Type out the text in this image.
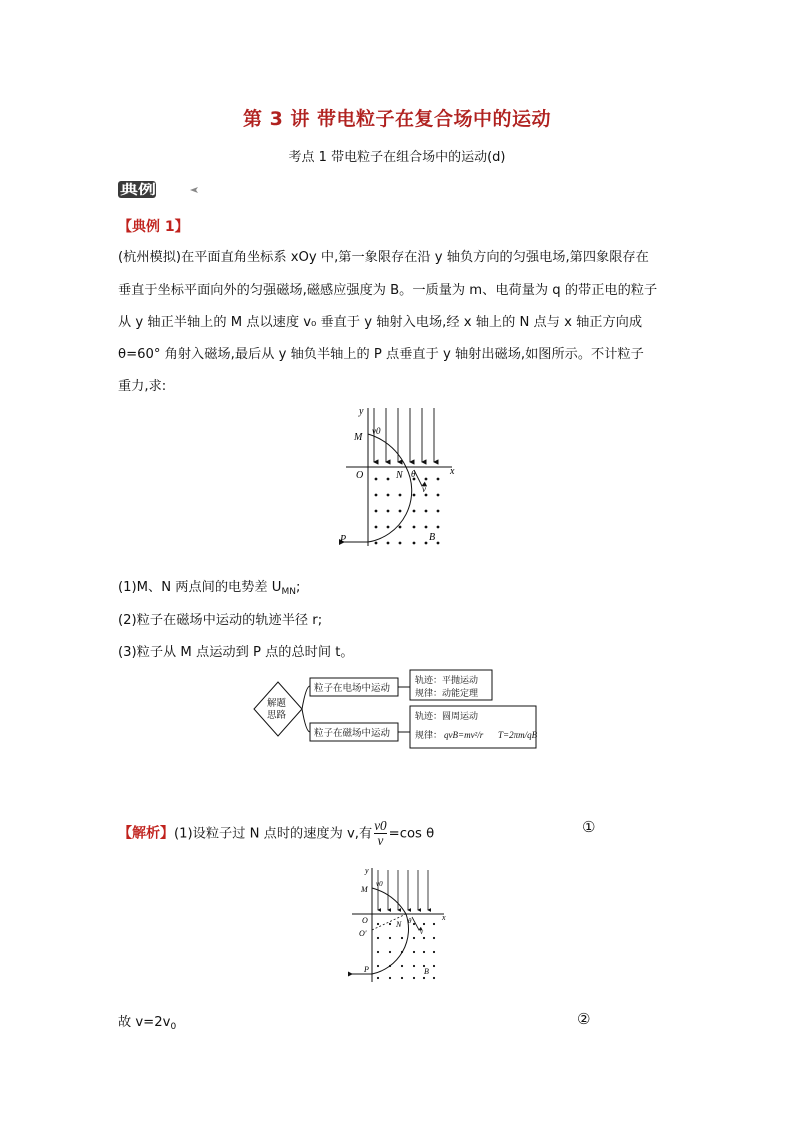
第 3 讲 带电粒子在复合场中的运动
考点 1 带电粒子在组合场中的运动(d)
典例精研
【典例 1】
(杭州模拟)在平面直角坐标系 xOy 中,第一象限存在沿 y 轴负方向的匀强电场,第四象限存在
垂直于坐标平面向外的匀强磁场,磁感应强度为 B。一质量为 m、电荷量为 q 的带正电的粒子
从 y 轴正半轴上的 M 点以速度 v₀ 垂直于 y 轴射入电场,经 x 轴上的 N 点与 x 轴正方向成
θ=60° 角射入磁场,最后从 y 轴负半轴上的 P 点垂直于 y 轴射出磁场,如图所示。不计粒子
重力,求:
y
x
O
M
N
P	B
v0
v
θ
(1)M、N 两点间的电势差 $U_{MN}$;
(2)粒子在磁场中运动的轨迹半径 r;
(3)粒子从 M 点运动到 P 点的总时间 t。
解题
思路
粒子在电场中运动
粒子在磁场中运动
轨迹：平抛运动
规律：动能定理
轨迹：圆周运动
规律： qvB=mv²/r T=2πm/qB
【解析】(1)设粒子过 N 点时的速度为 v,有 $\frac{v0}{v} =\cos$ θ	①
y
x
O
O′
M
N
P	B
v0
v
θ
故 $v=2v_0$	②
